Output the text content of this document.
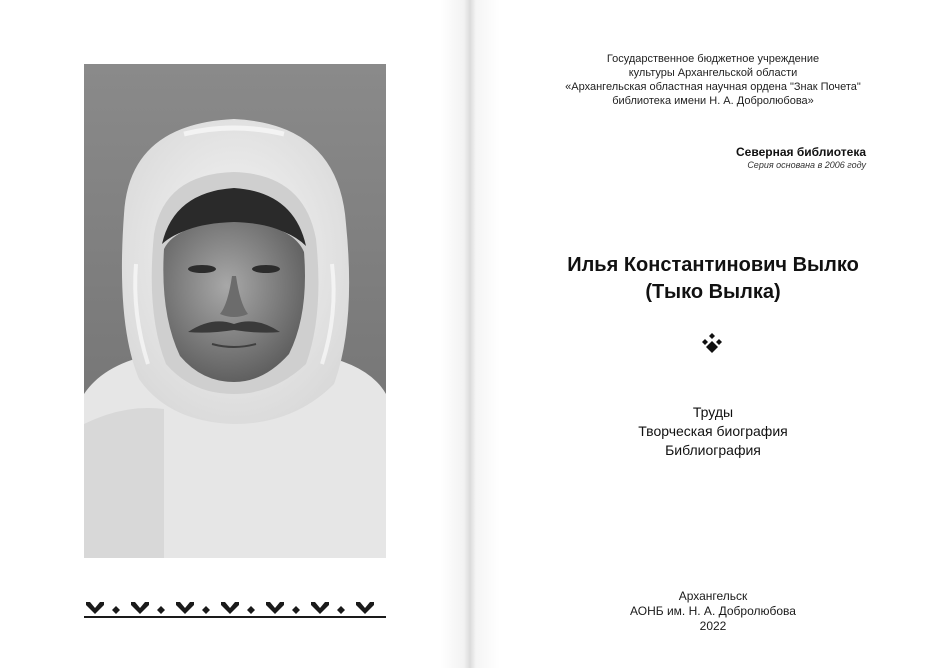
Государственное бюджетное учреждение
культуры Архангельской области
«Архангельская областная научная ордена "Знак Почета"
библиотека имени Н. А. Добролюбова»
Северная библиотека
Серия основана в 2006 году
Илья Константинович Вылко
(Тыко Вылка)
Труды
Творческая биография
Библиография
Архангельск
АОНБ им. Н. А. Добролюбова
2022
